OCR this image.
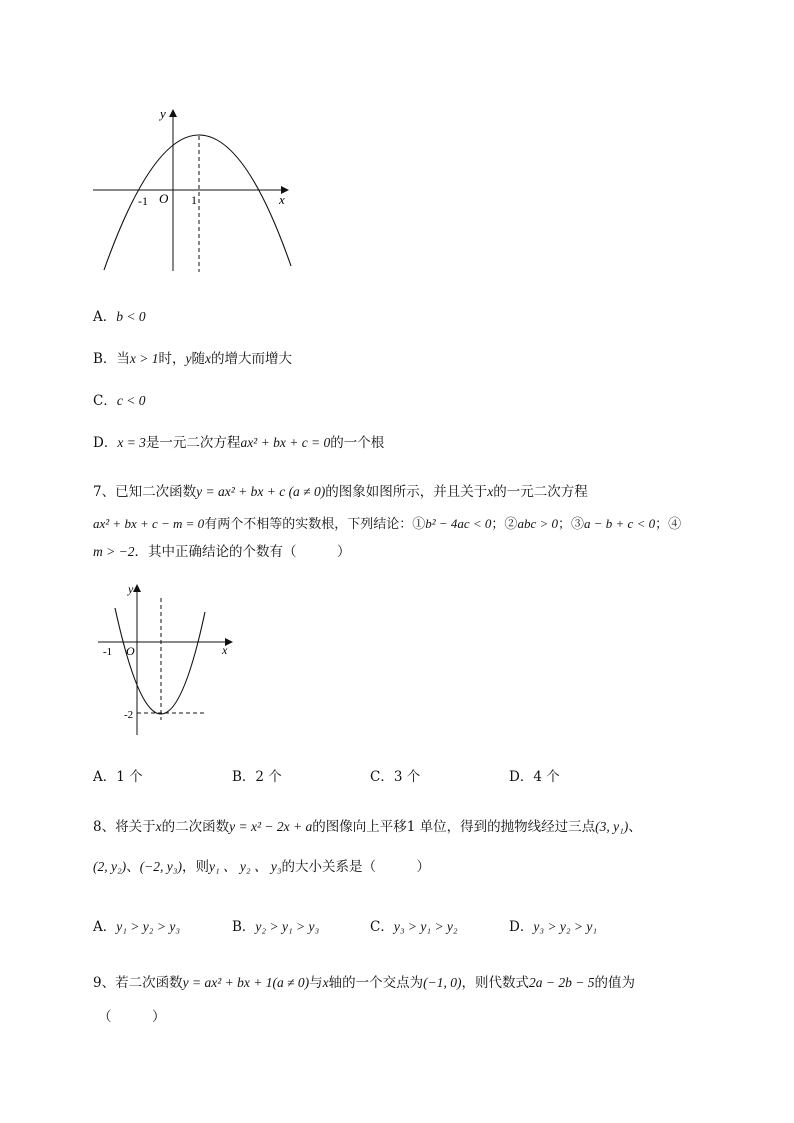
y
x
O
-1	1
A．b < 0
B．当x > 1时，y随x的增大而增大
C．c < 0
D．x = 3是一元二次方程ax² + bx + c = 0的一个根
7、已知二次函数y = ax² + bx + c (a ≠ 0)的图象如图所示，并且关于x的一元二次方程
ax² + bx + c − m = 0有两个不相等的实数根，下列结论：①b² − 4ac < 0；②abc > 0；③a − b + c < 0；④
m > −2．其中正确结论的个数有（　　　）
y
x
O
-1
-2
A．1 个	B．2 个	C．3 个	D．4 个
8、将关于x的二次函数y = x² − 2x + a的图像向上平移1 单位，得到的抛物线经过三点(3, y₁)、
(2, y₂)、(−2, y₃)，则y₁ 、 y₂ 、 y₃的大小关系是（　　　）
A．y₁ > y₂ > y₃	B．y₂ > y₁ > y₃	C．y₃ > y₁ > y₂	D．y₃ > y₂ > y₁
9、若二次函数y = ax² + bx + 1(a ≠ 0)与x轴的一个交点为(−1, 0)，则代数式2a − 2b − 5的值为
（　　　）
